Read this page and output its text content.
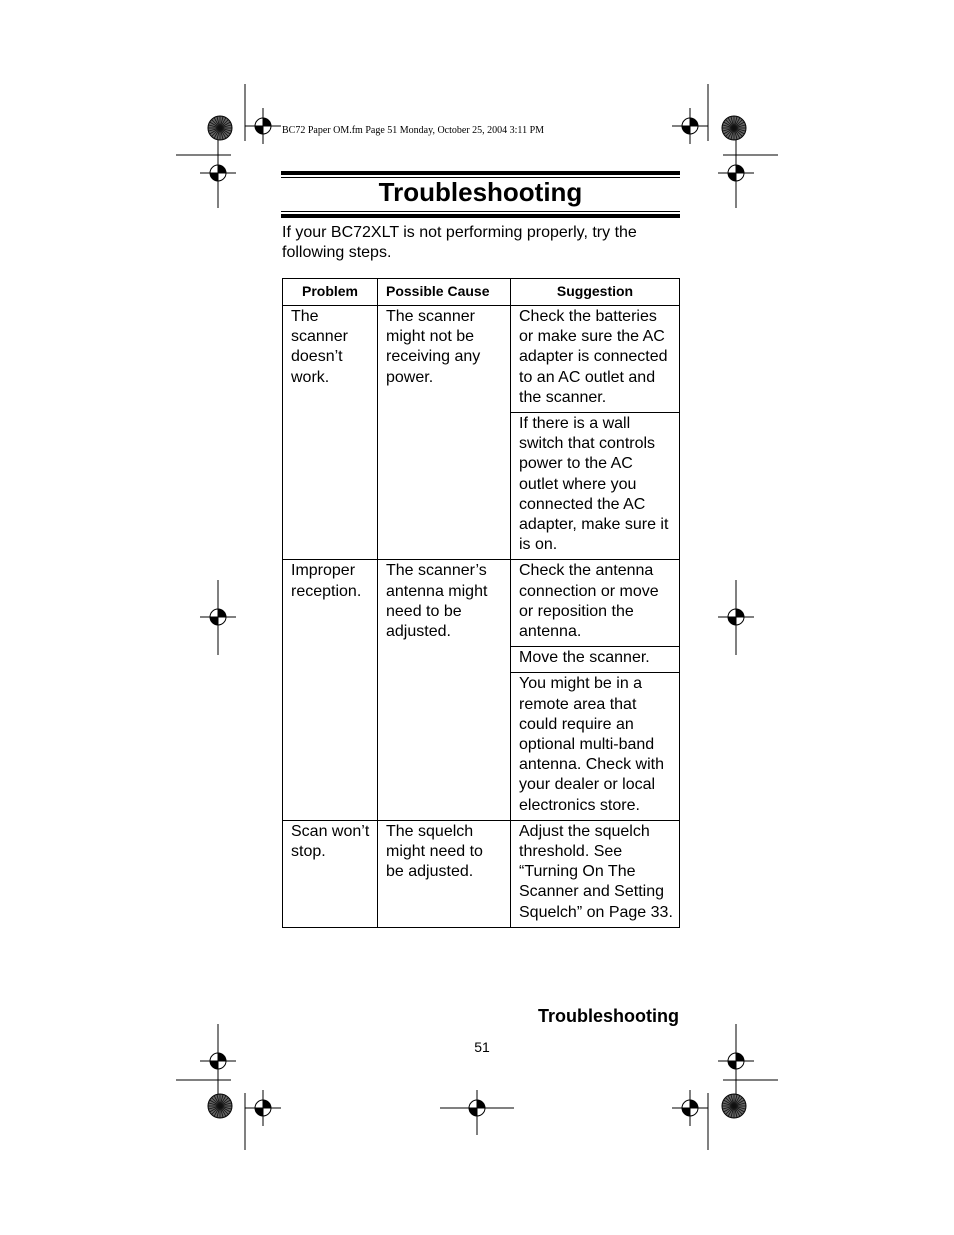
BC72 Paper OM.fm Page 51 Monday, October 25, 2004 3:11 PM
Troubleshooting
If your BC72XLT is not performing properly, try the following steps.
Problem	Possible Cause	Suggestion
The scanner doesn’t work.	The scanner might not be receiving any power.	Check the batteries or make sure the AC adapter is connected to an AC outlet and the scanner.
		If there is a wall switch that controls power to the AC outlet where you connected the AC adapter, make sure it is on.
Improper reception.	The scanner’s antenna might need to be adjusted.	Check the antenna connection or move or reposition the antenna.
		Move the scanner.
		You might be in a remote area that could require an optional multi-band antenna. Check with your dealer or local electronics store.
Scan won’t stop.	The squelch might need to be adjusted.	Adjust the squelch threshold. See “Turning On The Scanner and Setting Squelch” on Page 33.
Troubleshooting
51
